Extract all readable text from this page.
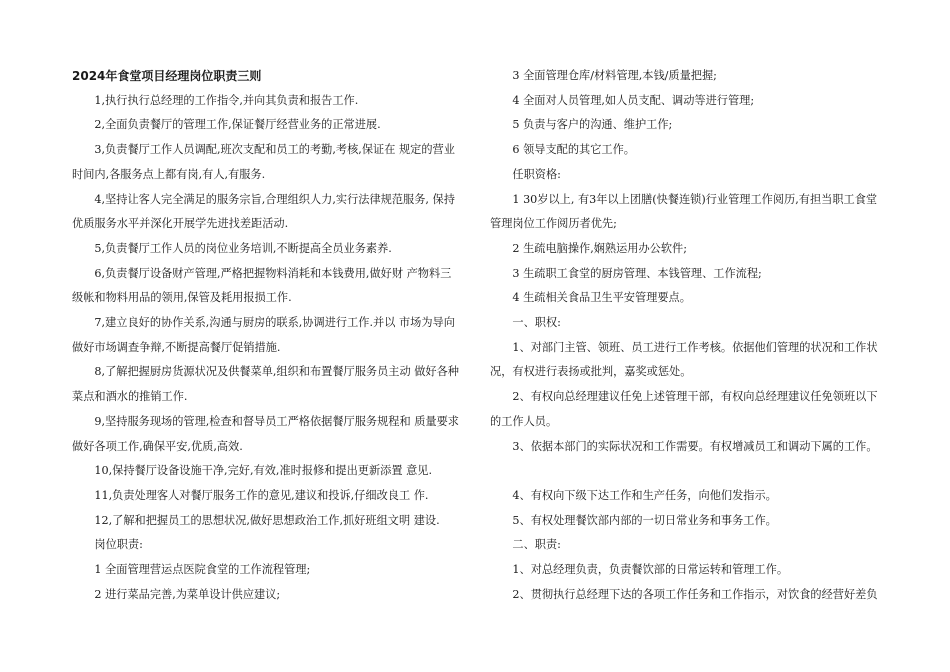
2024年食堂项目经理岗位职责三则
1,执行执行总经理的工作指令,并向其负责和报告工作.
2,全面负责餐厅的管理工作,保证餐厅经营业务的正常进展.
3,负责餐厅工作人员调配,班次支配和员工的考勤,考核,保证在 规定的营业时间内,各服务点上都有岗,有人,有服务.
4,坚持让客人完全满足的服务宗旨,合理组织人力,实行法律规范服务, 保持优质服务水平并深化开展学先进找差距活动.
5,负责餐厅工作人员的岗位业务培训,不断提高全员业务素养.
6,负责餐厅设备财产管理,严格把握物料消耗和本钱费用,做好财 产物料三级帐和物料用品的领用,保管及耗用报损工作.
7,建立良好的协作关系,沟通与厨房的联系,协调进行工作.并以 市场为导向做好市场调查争辩,不断提高餐厅促销措施.
8,了解把握厨房货源状况及供餐菜单,组织和布置餐厅服务员主动 做好各种菜点和酒水的推销工作.
9,坚持服务现场的管理,检查和督导员工严格依据餐厅服务规程和 质量要求做好各项工作,确保平安,优质,高效.
10,保持餐厅设备设施干净,完好,有效,准时报修和提出更新添置 意见.
11,负责处理客人对餐厅服务工作的意见,建议和投诉,仔细改良工 作.
12,了解和把握员工的思想状况,做好思想政治工作,抓好班组文明 建设.
岗位职责:
1 全面管理营运点医院食堂的工作流程管理;
2 进行菜品完善,为菜单设计供应建议;
3 全面管理仓库/材料管理,本钱/质量把握;
4 全面对人员管理,如人员支配、调动等进行管理;
5 负责与客户的沟通、维护工作;
6 领导支配的其它工作。
任职资格:
1 30岁以上, 有3年以上团膳(快餐连锁)行业管理工作阅历,有担当职工食堂管理岗位工作阅历者优先;
2 生疏电脑操作,娴熟运用办公软件;
3 生疏职工食堂的厨房管理、本钱管理、工作流程;
4 生疏相关食品卫生平安管理要点。
一、职权:
1、对部门主管、领班、员工进行工作考核。依据他们管理的状况和工作状况，有权进行表扬或批判，嘉奖或惩处。
2、有权向总经理建议任免上述管理干部，有权向总经理建议任免领班以下的工作人员。
3、依据本部门的实际状况和工作需要。有权增减员工和调动下属的工作。
4、有权向下级下达工作和生产任务，向他们发指示。
5、有权处理餐饮部内部的一切日常业务和事务工作。
二、职责:
1、对总经理负责，负责餐饮部的日常运转和管理工作。
2、贯彻执行总经理下达的各项工作任务和工作指示，对饮食的经营好差负
